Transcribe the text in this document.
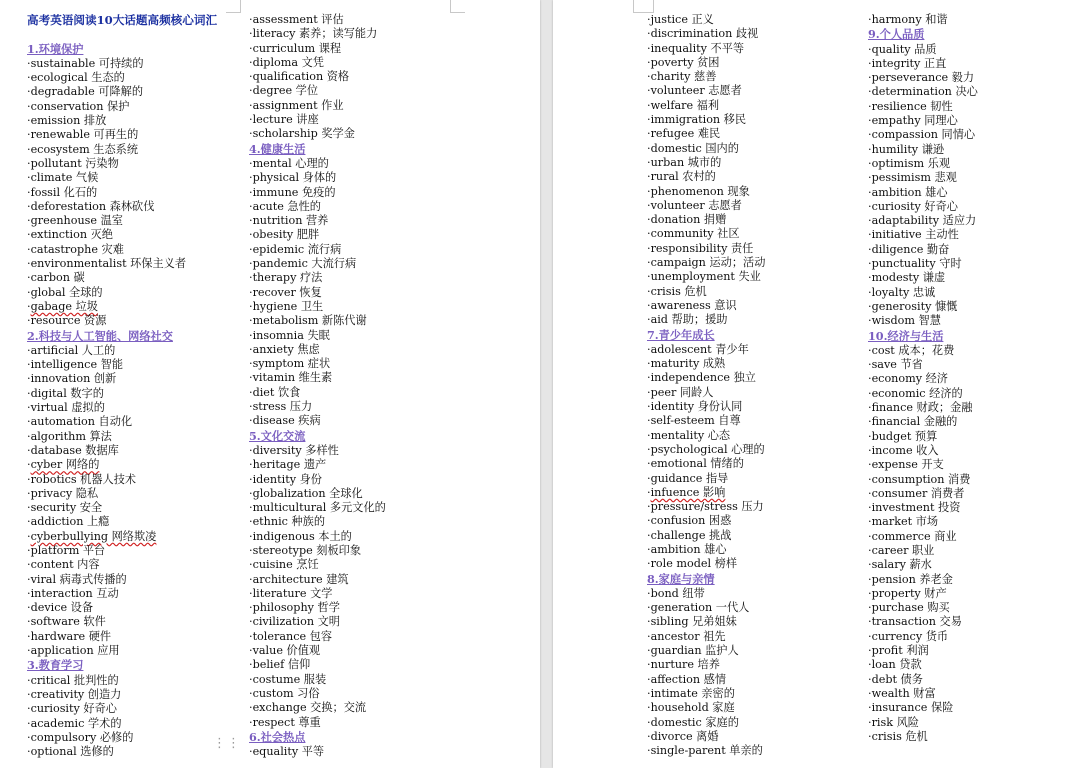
高考英语阅读10大话题高频核心词汇
1.环境保护
· sustainable 可持续的
· ecological 生态的
· degradable 可降解的
· conservation 保护
· emission 排放
· renewable 可再生的
· ecosystem 生态系统
· pollutant 污染物
· climate 气候
· fossil 化石的
· deforestation 森林砍伐
· greenhouse 温室
· extinction 灭绝
· catastrophe 灾难
· environmentalist 环保主义者
· carbon 碳
· global 全球的
· gabage 垃圾
· resource 资源
2.科技与人工智能、网络社交
· artificial 人工的
· intelligence 智能
· innovation 创新
· digital 数字的
· virtual 虚拟的
· automation 自动化
· algorithm 算法
· database 数据库
· cyber 网络的
· robotics 机器人技术
· privacy 隐私
· security 安全
· addiction 上瘾
· cyberbullying 网络欺凌
· platform 平台
· content 内容
· viral 病毒式传播的
· interaction 互动
· device 设备
· software 软件
· hardware 硬件
· application 应用
3.教育学习
· critical 批判性的
· creativity 创造力
· curiosity 好奇心
· academic 学术的
· compulsory 必修的
· optional 选修的
· assessment 评估
· literacy 素养；读写能力
· curriculum 课程
· diploma 文凭
· qualification 资格
· degree 学位
· assignment 作业
· lecture 讲座
· scholarship 奖学金
4.健康生活
· mental 心理的
· physical 身体的
· immune 免疫的
· acute 急性的
· nutrition 营养
· obesity 肥胖
· epidemic 流行病
· pandemic 大流行病
· therapy 疗法
· recover 恢复
· hygiene 卫生
· metabolism 新陈代谢
· insomnia 失眠
· anxiety 焦虑
· symptom 症状
· vitamin 维生素
· diet 饮食
· stress 压力
· disease 疾病
5.文化交流
· diversity 多样性
· heritage 遗产
· identity 身份
· globalization 全球化
· multicultural 多元文化的
· ethnic 种族的
· indigenous 本土的
· stereotype 刻板印象
· cuisine 烹饪
· architecture 建筑
· literature 文学
· philosophy 哲学
· civilization 文明
· tolerance 包容
· value 价值观
· belief 信仰
· costume 服装
· custom 习俗
· exchange 交换；交流
· respect 尊重
6.社会热点
· equality 平等
⋮⋮
· justice 正义
· discrimination 歧视
· inequality 不平等
· poverty 贫困
· charity 慈善
· volunteer 志愿者
· welfare 福利
· immigration 移民
· refugee 难民
· domestic 国内的
· urban 城市的
· rural 农村的
· phenomenon 现象
· volunteer 志愿者
· donation 捐赠
· community 社区
· responsibility 责任
· campaign 运动；活动
· unemployment 失业
· crisis 危机
· awareness 意识
· aid 帮助；援助
7.青少年成长
· adolescent 青少年
· maturity 成熟
· independence 独立
· peer 同龄人
· identity 身份认同
· self-esteem 自尊
· mentality 心态
· psychological 心理的
· emotional 情绪的
· guidance 指导
· infuence 影响
· pressure/stress 压力
· confusion 困惑
· challenge 挑战
· ambition 雄心
· role model 榜样
8.家庭与亲情
· bond 纽带
· generation 一代人
· sibling 兄弟姐妹
· ancestor 祖先
· guardian 监护人
· nurture 培养
· affection 感情
· intimate 亲密的
· household 家庭
· domestic 家庭的
· divorce 离婚
· single-parent 单亲的
· harmony 和谐
9.个人品质
· quality 品质
· integrity 正直
· perseverance 毅力
· determination 决心
· resilience 韧性
· empathy 同理心
· compassion 同情心
· humility 谦逊
· optimism 乐观
· pessimism 悲观
· ambition 雄心
· curiosity 好奇心
· adaptability 适应力
· initiative 主动性
· diligence 勤奋
· punctuality 守时
· modesty 谦虚
· loyalty 忠诚
· generosity 慷慨
· wisdom 智慧
10.经济与生活
· cost 成本；花费
· save 节省
· economy 经济
· economic 经济的
· finance 财政；金融
· financial 金融的
· budget 预算
· income 收入
· expense 开支
· consumption 消费
· consumer 消费者
· investment 投资
· market 市场
· commerce 商业
· career 职业
· salary 薪水
· pension 养老金
· property 财产
· purchase 购买
· transaction 交易
· currency 货币
· profit 利润
· loan 贷款
· debt 债务
· wealth 财富
· insurance 保险
· risk 风险
· crisis 危机
